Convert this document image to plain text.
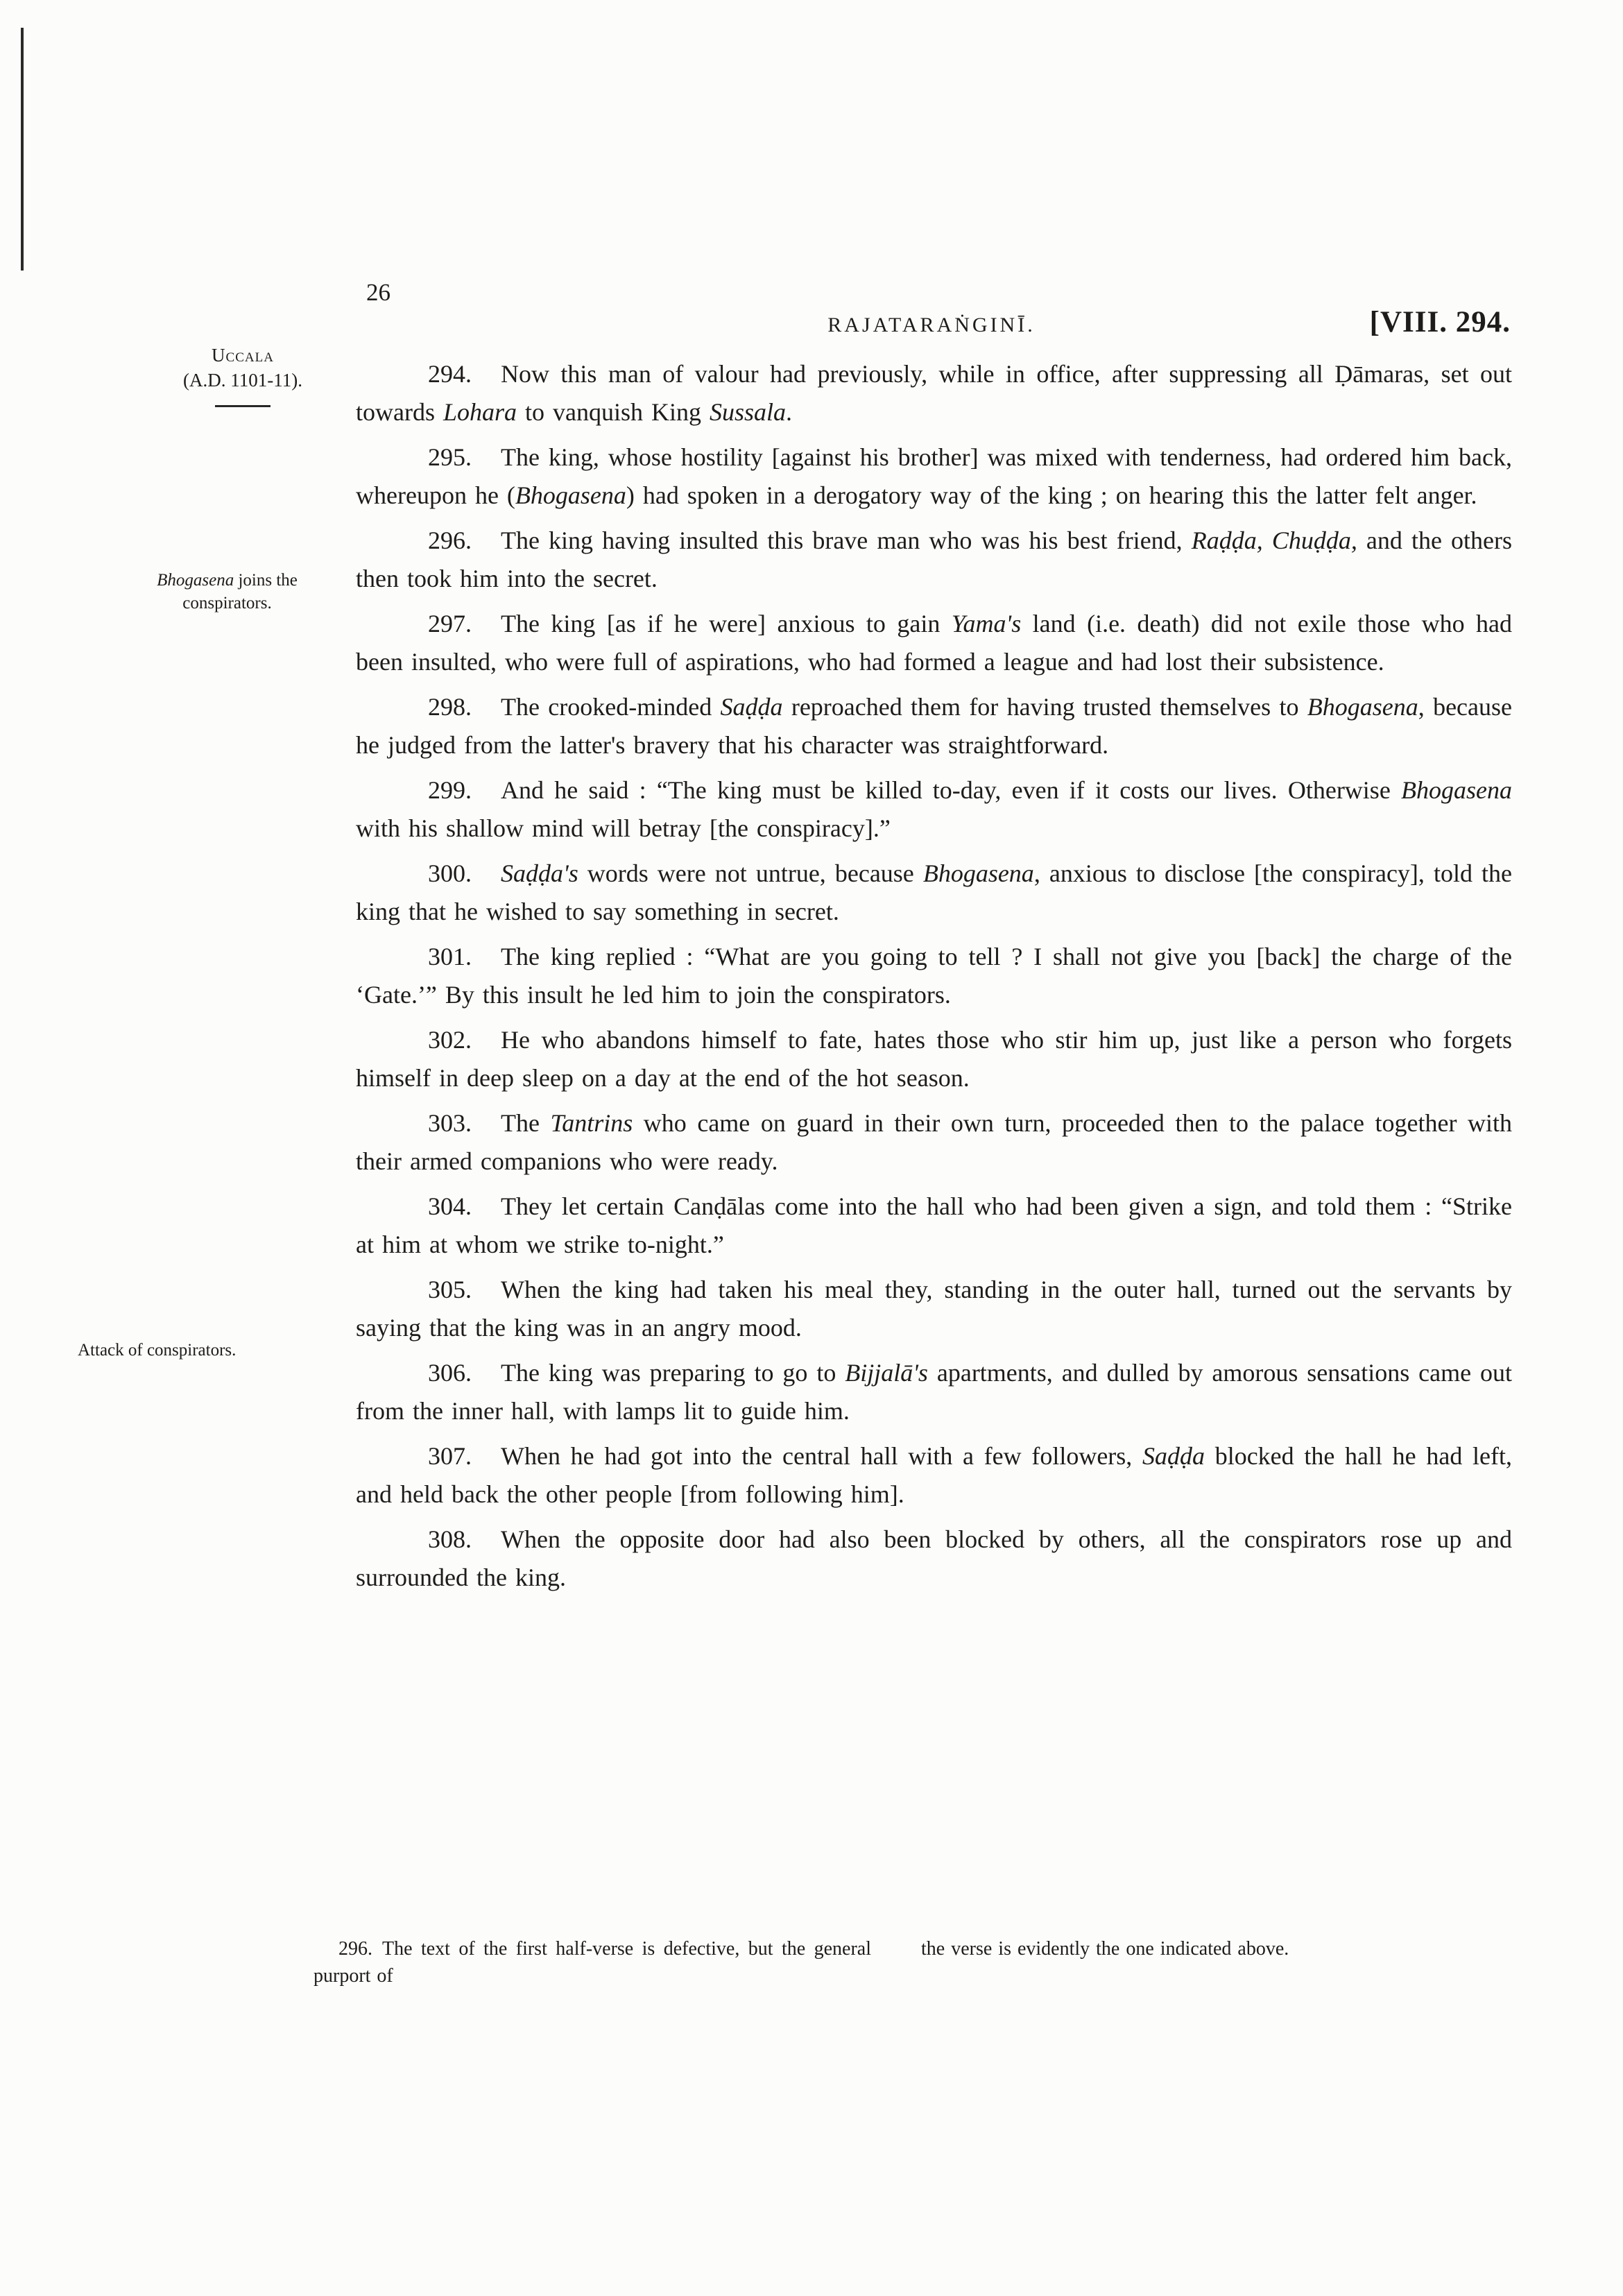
26
RAJATARAṄGINĪ.	[VIII. 294.
Uccala
(A.D. 1101-11).
Bhogasena joins the conspirators.
Attack of conspirators.

294. Now this man of valour had previously, while in office, after suppressing all Ḍāmaras, set out towards Lohara to vanquish King Sussala.

295. The king, whose hostility [against his brother] was mixed with tenderness, had ordered him back, whereupon he (Bhogasena) had spoken in a derogatory way of the king ; on hearing this the latter felt anger.

296. The king having insulted this brave man who was his best friend, Raḍḍa, Chuḍḍa, and the others then took him into the secret.

297. The king [as if he were] anxious to gain Yama's land (i.e. death) did not exile those who had been insulted, who were full of aspirations, who had formed a league and had lost their subsistence.

298. The crooked-minded Saḍḍa reproached them for having trusted themselves to Bhogasena, because he judged from the latter's bravery that his character was straightforward.

299. And he said : “The king must be killed to-day, even if it costs our lives. Otherwise Bhogasena with his shallow mind will betray [the conspiracy].”

300. Saḍḍa's words were not untrue, because Bhogasena, anxious to disclose [the conspiracy], told the king that he wished to say something in secret.

301. The king replied : “What are you going to tell ? I shall not give you [back] the charge of the ‘Gate.’” By this insult he led him to join the conspirators.

302. He who abandons himself to fate, hates those who stir him up, just like a person who forgets himself in deep sleep on a day at the end of the hot season.

303. The Tantrins who came on guard in their own turn, proceeded then to the palace together with their armed companions who were ready.

304. They let certain Canḍālas come into the hall who had been given a sign, and told them : “Strike at him at whom we strike to-night.”

305. When the king had taken his meal they, standing in the outer hall, turned out the servants by saying that the king was in an angry mood.

306. The king was preparing to go to Bijjalā's apartments, and dulled by amorous sensations came out from the inner hall, with lamps lit to guide him.

307. When he had got into the central hall with a few followers, Saḍḍa blocked the hall he had left, and held back the other people [from following him].

308. When the opposite door had also been blocked by others, all the conspirators rose up and surrounded the king.

296. The text of the first half-verse is defective, but the general purport of
the verse is evidently the one indicated above.
